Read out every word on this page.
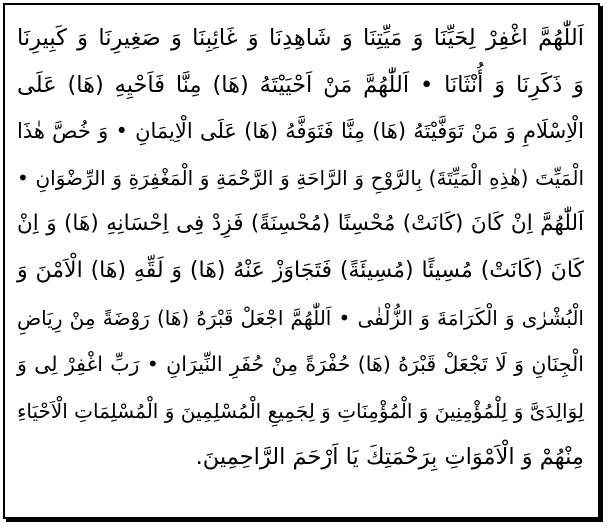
اَللّٰهُمَّ اغْفِرْ لِحَيِّنَا وَ مَيِّتِنَا وَ شَاهِدِنَا وَ غَائِبِنَا وَ صَغِيرِنَا وَ كَبِيرِنَا
وَ ذَكَرِنَا وَ أُنْثَانَا • اَللّٰهُمَّ مَنْ اَحْيَيْتَهُ (هَا) مِنَّا فَاَحْيِهِ (هَا) عَلَى
الْاِسْلَامِ وَ مَنْ تَوَفَّيْتَهُ (هَا) مِنَّا فَتَوَفَّهُ (هَا) عَلَى الْاِيمَانِ • وَ خُصَّ هٰذَا
الْمَيِّتَ (هٰذِهِ الْمَيِّتَةَ) بِالرَّوْحِ وَ الرَّاحَةِ وَ الرَّحْمَةِ وَ الْمَغْفِرَةِ وَ الرِّضْوَانِ •
اَللّٰهُمَّ اِنْ كَانَ (كَانَتْ) مُحْسِنًا (مُحْسِنَةً) فَزِدْ فِى اِحْسَانِهِ (هَا) وَ اِنْ
كَانَ (كَانَتْ) مُسِيئًا (مُسِيئَةً) فَتَجَاوَزْ عَنْهُ (هَا) وَ لَقِّهِ (هَا) الْاَمْنَ وَ
الْبُشْرٰى وَ الْكَرَامَةَ وَ الزُّلْفٰى • اَللّٰهُمَّ اجْعَلْ قَبْرَهُ (هَا) رَوْضَةً مِنْ رِيَاضِ
الْجِنَانِ وَ لَا تَجْعَلْ قَبْرَهُ (هَا) حُفْرَةً مِنْ حُفَرِ النِّيرَانِ • رَبِّ اغْفِرْ لِى وَ
لِوَالِدَىَّ وَ لِلْمُؤْمِنِينَ وَ الْمُؤْمِنَاتِ وَ لِجَمِيعِ الْمُسْلِمِينَ وَ الْمُسْلِمَاتِ الْاَحْيَاءِ
مِنْهُمْ وَ الْاَمْوَاتِ بِرَحْمَتِكَ يَا اَرْحَمَ الرَّاحِمِينَ.
